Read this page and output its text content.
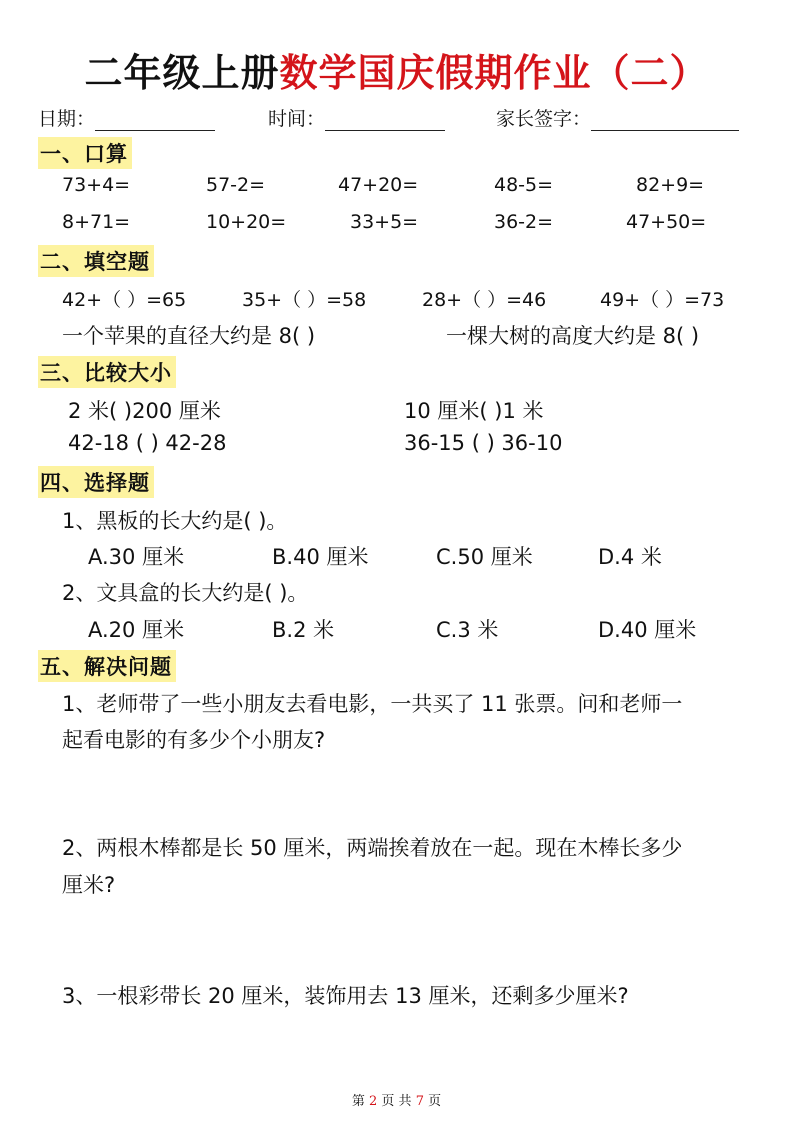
二年级上册数学国庆假期作业（二）
日期：	时间：	家长签字：
一、口算
73+4=	57-2=	47+20=	48-5=	82+9=
8+71=	10+20=	33+5=	36-2=	47+50=
二、填空题
42+（ ）=65	35+（ ）=58	28+（ ）=46	49+（ ）=73
一个苹果的直径大约是 8( )	一棵大树的高度大约是 8( )
三、比较大小
2 米( )200 厘米	10 厘米( )1 米
42-18 ( ) 42-28	36-15 ( ) 36-10
四、选择题
1、黑板的长大约是( )。
A.30 厘米	B.40 厘米	C.50 厘米	D.4 米
2、文具盒的长大约是( )。
A.20 厘米	B.2 米	C.3 米	D.40 厘米
五、解决问题
1、老师带了一些小朋友去看电影，一共买了 11 张票。问和老师一
起看电影的有多少个小朋友?
2、两根木棒都是长 50 厘米，两端挨着放在一起。现在木棒长多少
厘米?
3、一根彩带长 20 厘米，装饰用去 13 厘米，还剩多少厘米?
第 2 页 共 7 页
